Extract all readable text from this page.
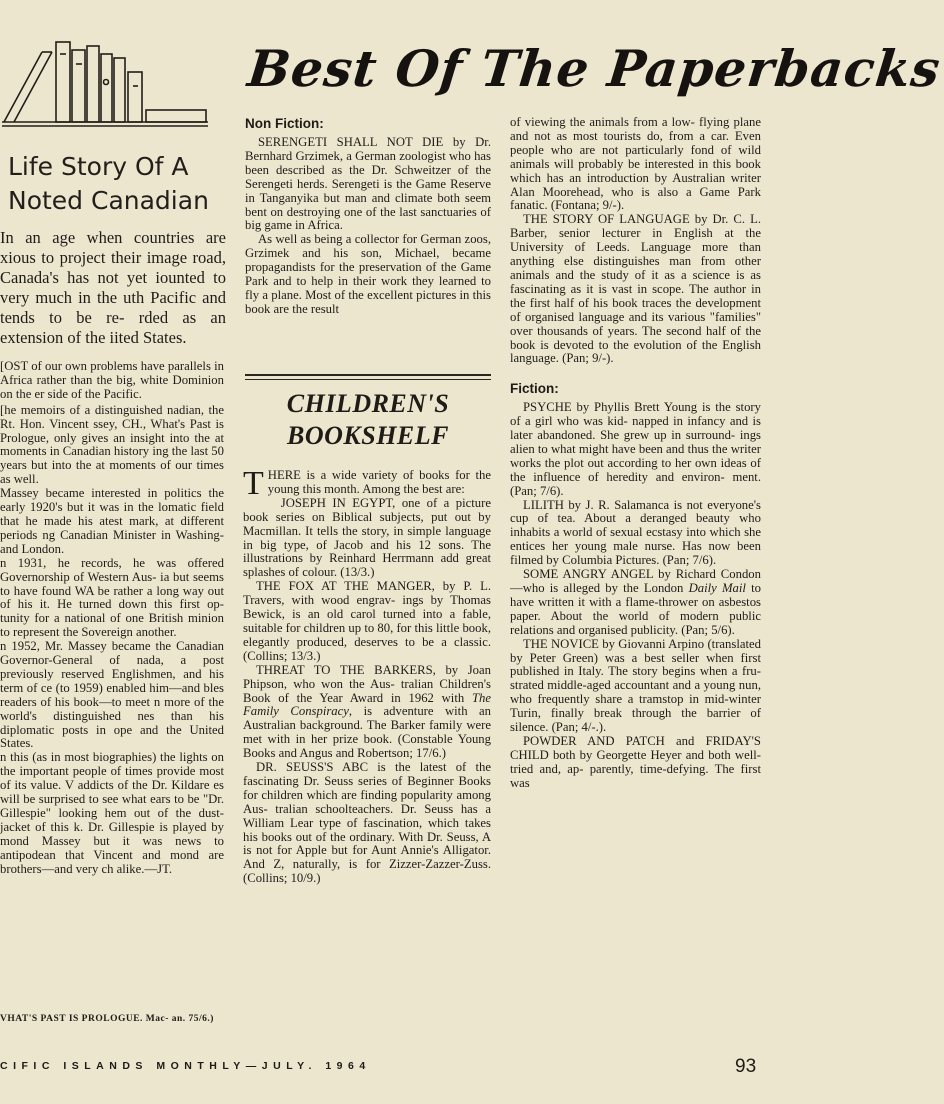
Best Of The Paperbacks
Life Story Of A Noted Canadian
In an age when countries are xious to project their image road, Canada's has not yet iounted to very much in the uth Pacific and tends to be re- rded as an extension of the iited States.

[OST of our own problems have parallels in Africa rather than the big, white Dominion on the er side of the Pacific.

[he memoirs of a distinguished nadian, the Rt. Hon. Vincent ssey, CH., What's Past is Prologue, only gives an insight into the at moments in Canadian history ing the last 50 years but into the at moments of our times as well.

Massey became interested in politics the early 1920's but it was in the lomatic field that he made his atest mark, at different periods ng Canadian Minister in Washing- and London.

n 1931, he records, he was offered Governorship of Western Aus- ia but seems to have found WA be rather a long way out of his it. He turned down this first op- tunity for a national of one British minion to represent the Sovereign another.

n 1952, Mr. Massey became the Canadian Governor-General of nada, a post previously reserved Englishmen, and his term of ce (to 1959) enabled him—and bles readers of his book—to meet n more of the world's distinguished nes than his diplomatic posts in ope and the United States.

n this (as in most biographies) the lights on the important people of times provide most of its value. V addicts of the Dr. Kildare es will be surprised to see what ears to be "Dr. Gillespie" looking hem out of the dust-jacket of this k. Dr. Gillespie is played by mond Massey but it was news to antipodean that Vincent and mond are brothers—and very ch alike.—JT.

VHAT'S PAST IS PROLOGUE. Mac- an. 75/6.)
Non Fiction:

SERENGETI SHALL NOT DIE by Dr. Bernhard Grzimek, a German zoologist who has been described as the Dr. Schweitzer of the Serengeti herds. Serengeti is the Game Reserve in Tanganyika but man and climate both seem bent on destroying one of the last sanctuaries of big game in Africa.

As well as being a collector for German zoos, Grzimek and his son, Michael, became propagandists for the preservation of the Game Park and to help in their work they learned to fly a plane. Most of the excellent pictures in this book are the result

CHILDREN'S
BOOKSHELF

THERE is a wide variety of books for the young this month. Among the best are:

JOSEPH IN EGYPT, one of a picture book series on Biblical subjects, put out by Macmillan. It tells the story, in simple language in big type, of Jacob and his 12 sons. The illustrations by Reinhard Herrmann add great splashes of colour. (13/3.)

THE FOX AT THE MANGER, by P. L. Travers, with wood engrav- ings by Thomas Bewick, is an old carol turned into a fable, suitable for children up to 80, for this little book, elegantly produced, deserves to be a classic. (Collins; 13/3.)

THREAT TO THE BARKERS, by Joan Phipson, who won the Aus- tralian Children's Book of the Year Award in 1962 with The Family Conspiracy, is adventure with an Australian background. The Barker family were met with in her prize book. (Constable Young Books and Angus and Robertson; 17/6.)

DR. SEUSS'S ABC is the latest of the fascinating Dr. Seuss series of Beginner Books for children which are finding popularity among Aus- tralian schoolteachers. Dr. Seuss has a William Lear type of fascination, which takes his books out of the ordinary. With Dr. Seuss, A is not for Apple but for Aunt Annie's Alligator. And Z, naturally, is for Zizzer-Zazzer-Zuss. (Collins; 10/9.)

of viewing the animals from a low- flying plane and not as most tourists do, from a car. Even people who are not particularly fond of wild animals will probably be interested in this book which has an introduction by Australian writer Alan Moorehead, who is also a Game Park fanatic. (Fontana; 9/-).

THE STORY OF LANGUAGE by Dr. C. L. Barber, senior lecturer in English at the University of Leeds. Language more than anything else distinguishes man from other animals and the study of it as a science is as fascinating as it is vast in scope. The author in the first half of his book traces the development of organised language and its various "families" over thousands of years. The second half of the book is devoted to the evolution of the English language. (Pan; 9/-).

Fiction:

PSYCHE by Phyllis Brett Young is the story of a girl who was kid- napped in infancy and is later abandoned. She grew up in surround- ings alien to what might have been and thus the writer works the plot out according to her own ideas of the influence of heredity and environ- ment. (Pan; 7/6).

LILITH by J. R. Salamanca is not everyone's cup of tea. About a deranged beauty who inhabits a world of sexual ecstasy into which she entices her young male nurse. Has now been filmed by Columbia Pictures. (Pan; 7/6).

SOME ANGRY ANGEL by Richard Condon—who is alleged by the London Daily Mail to have written it with a flame-thrower on asbestos paper. About the world of modern public relations and organised publicity. (Pan; 5/6).

THE NOVICE by Giovanni Arpino (translated by Peter Green) was a best seller when first published in Italy. The story begins when a fru- strated middle-aged accountant and a young nun, who frequently share a tramstop in mid-winter Turin, finally break through the barrier of silence. (Pan; 4/-.).

POWDER AND PATCH and FRIDAY'S CHILD both by Georgette Heyer and both well-tried and, ap- parently, time-defying. The first was

CIFIC ISLANDS MONTHLY—JULY. 1964	93
